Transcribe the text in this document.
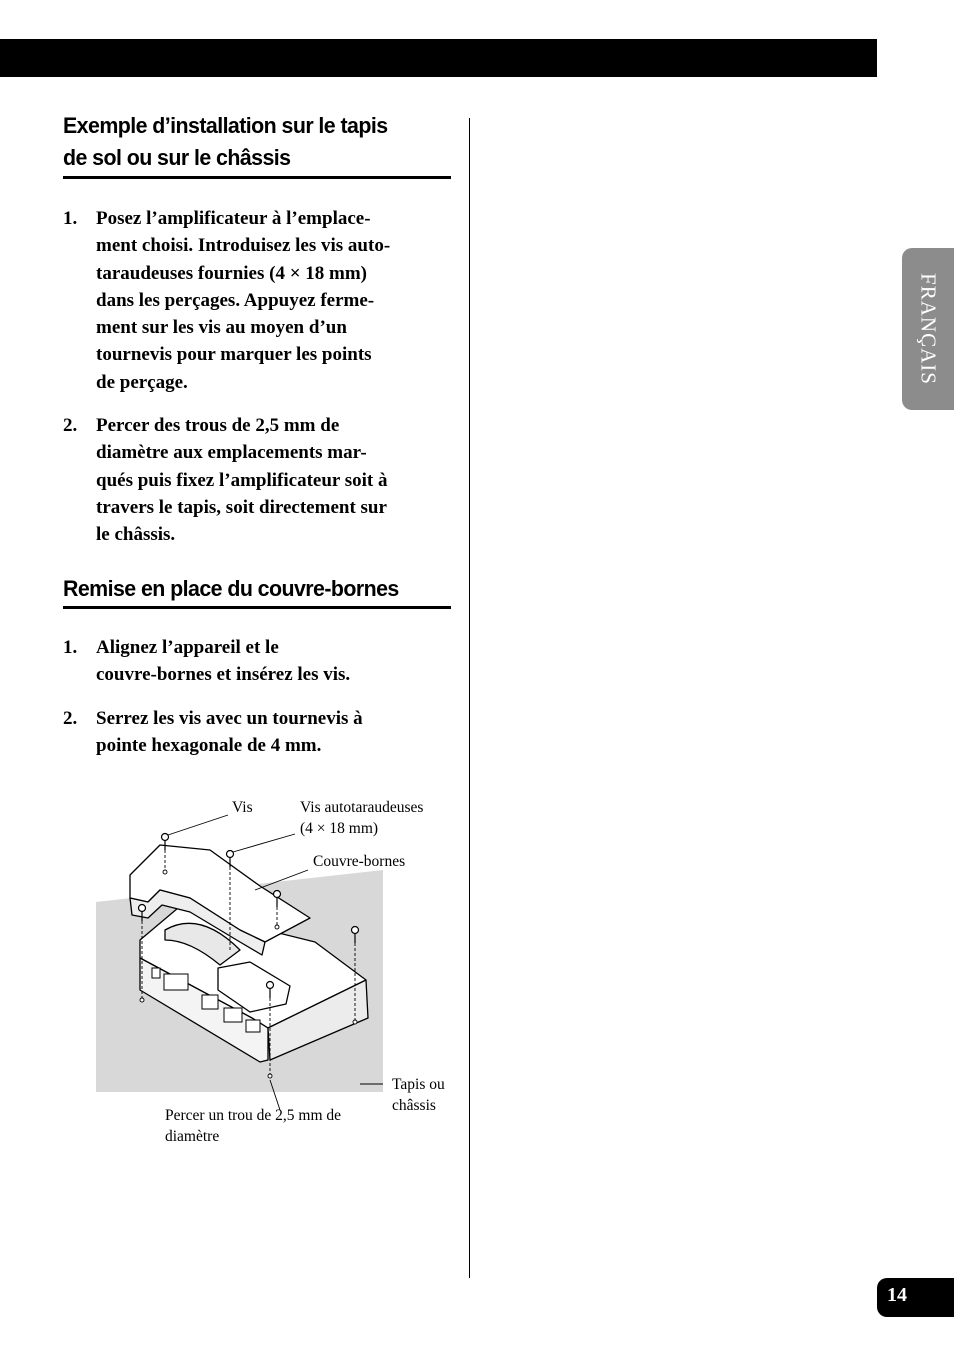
FRANÇAIS
14
Exemple d’installation sur le tapis
de sol ou sur le châssis
1. Posez l’amplificateur à l’emplace-
ment choisi. Introduisez les vis auto-
taraudeuses fournies (4 × 18 mm)
dans les perçages. Appuyez ferme-
ment sur les vis au moyen d’un
tournevis pour marquer les points
de perçage.
2. Percer des trous de 2,5 mm de
diamètre aux emplacements mar-
qués puis fixez l’amplificateur soit à
travers le tapis, soit directement sur
le châssis.
Remise en place du couvre-bornes
1. Alignez l’appareil et le
couvre-bornes et insérez les vis.
2. Serrez les vis avec un tournevis à
pointe hexagonale de 4 mm.
Vis	Vis autotaraudeuses
(4 × 18 mm)
Couvre-bornes
Tapis ou
châssis
Percer un trou de 2,5 mm de
diamètre
